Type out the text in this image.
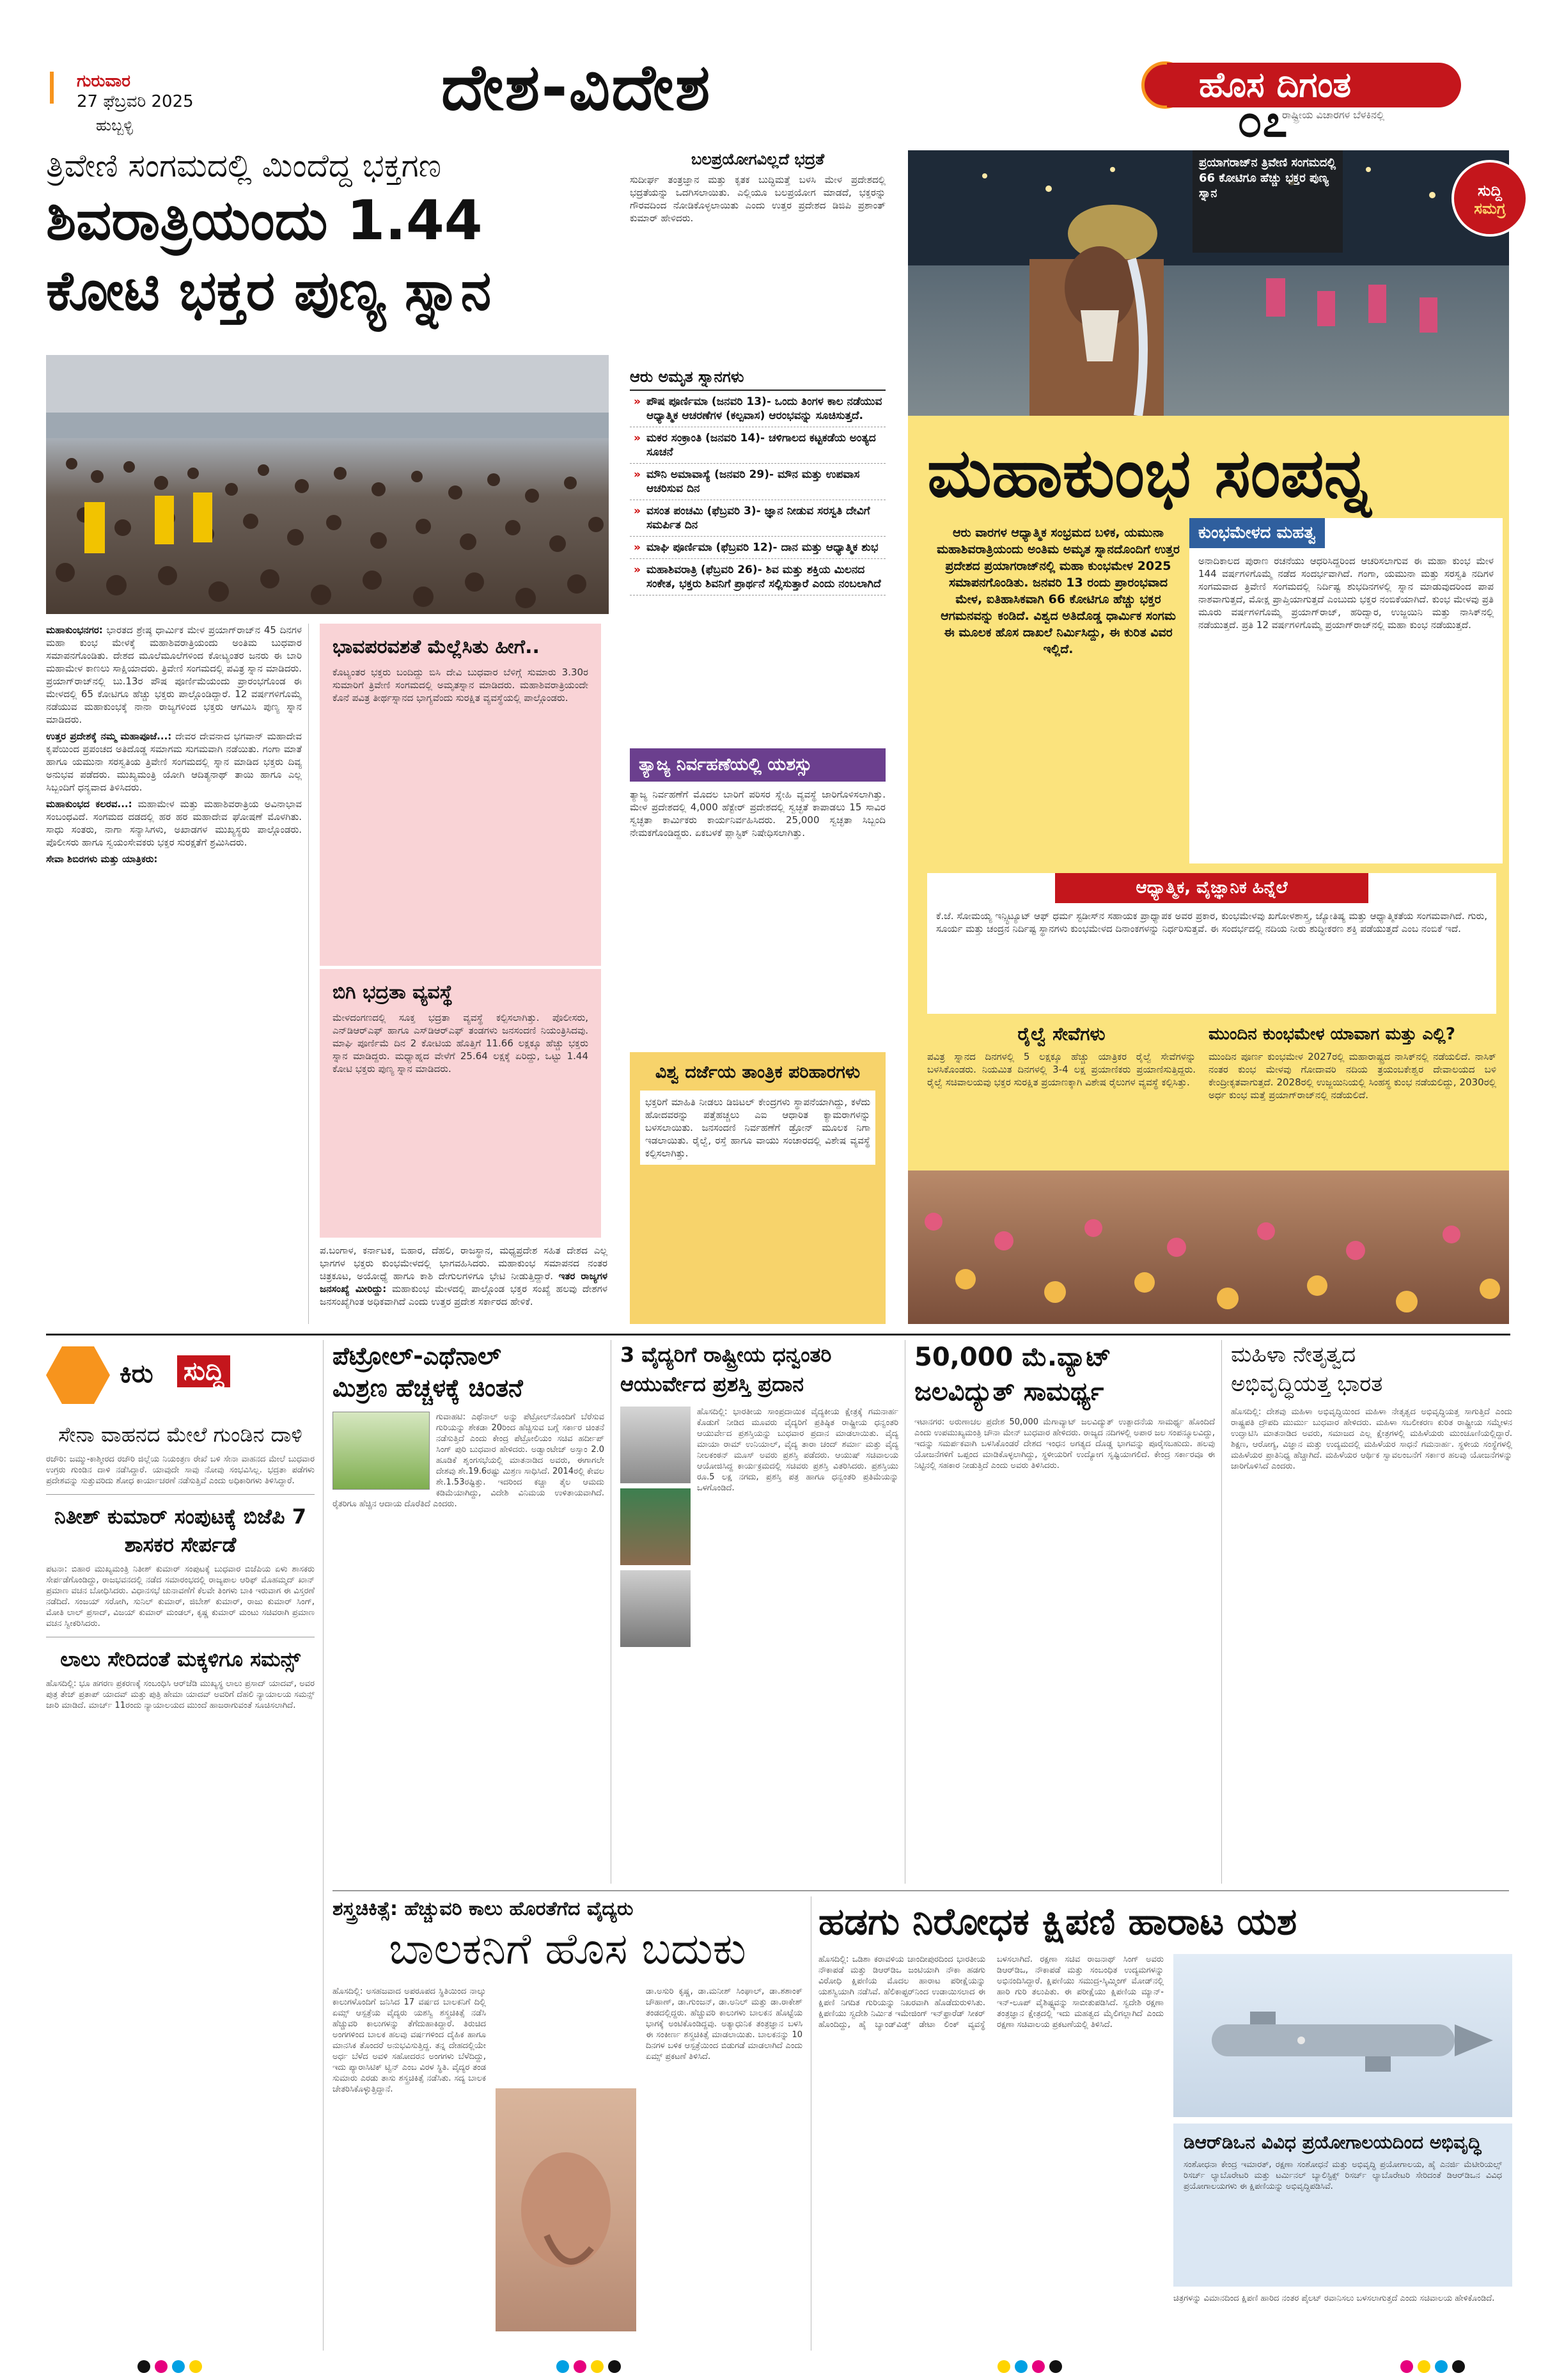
ಗುರುವಾರ
27 ಫೆಬ್ರವರಿ 2025
ಹುಬ್ಬಳ್ಳಿ
ದೇಶ-ವಿದೇಶ	ಹೊಸ ದಿಗಂತ
ರಾಷ್ಟ್ರೀಯ ವಿಚಾರಗಳ ಬೆಳಕಿನಲ್ಲಿ
೦೭
ತ್ರಿವೇಣಿ ಸಂಗಮದಲ್ಲಿ ಮಿಂದೆದ್ದ ಭಕ್ತಗಣ
ಶಿವರಾತ್ರಿಯಂದು 1.44
ಕೋಟಿ ಭಕ್ತರ ಪುಣ್ಯ ಸ್ನಾನ
ಮಹಾಕುಂಭನಗರ: ಭಾರತದ ಶ್ರೇಷ್ಠ ಧಾರ್ಮಿಕ ಮೇಳ ಪ್ರಯಾಗ್‌ರಾಜ್‌ನ 45 ದಿನಗಳ ಮಹಾ ಕುಂಭ ಮೇಳಕ್ಕೆ ಮಹಾಶಿವರಾತ್ರಿಯಂದು ಅಂತಿಮ ಬುಧವಾರ ಸಮಾಪನಗೊಂಡಿತು. ದೇಶದ ಮೂಲೆಮೂಲೆಗಳಿಂದ ಕೋಟ್ಯಂತರ ಜನರು ಈ ಬಾರಿ ಮಹಾಮೇಳ ಕಾಣಲು ಸಾಕ್ಷಿಯಾದರು. ತ್ರಿವೇಣಿ ಸಂಗಮದಲ್ಲಿ ಪವಿತ್ರ ಸ್ನಾನ ಮಾಡಿದರು. ಪ್ರಯಾಗ್‌ರಾಜ್‌ನಲ್ಲಿ ಬು.13ರ ಪೌಷ ಪೂರ್ಣಿಮೆಯಂದು ಪ್ರಾರಂಭಗೊಂಡ ಈ ಮೇಳದಲ್ಲಿ 65 ಕೋಟಿಗೂ ಹೆಚ್ಚು ಭಕ್ತರು ಪಾಲ್ಗೊಂಡಿದ್ದಾರೆ. 12 ವರ್ಷಗಳಿಗೊಮ್ಮೆ ನಡೆಯುವ ಮಹಾಕುಂಭಕ್ಕೆ ನಾನಾ ರಾಜ್ಯಗಳಿಂದ ಭಕ್ತರು ಆಗಮಿಸಿ ಪುಣ್ಯ ಸ್ನಾನ ಮಾಡಿದರು.

ಉತ್ತರ ಪ್ರದೇಶಕ್ಕೆ ನಮ್ಮ ಮಹಾಪೂಜೆ...: ದೇವರ ದೇವನಾದ ಭಗವಾನ್ ಮಹಾದೇವ ಕೃಪೆಯಿಂದ ಪ್ರಪಂಚದ ಅತಿದೊಡ್ಡ ಸಮಾಗಮ ಸುಗಮವಾಗಿ ನಡೆಯಿತು. ಗಂಗಾ ಮಾತೆ ಹಾಗೂ ಯಮುನಾ ಸರಸ್ವತಿಯ ತ್ರಿವೇಣಿ ಸಂಗಮದಲ್ಲಿ ಸ್ನಾನ ಮಾಡಿದ ಭಕ್ತರು ದಿವ್ಯ ಅನುಭವ ಪಡೆದರು. ಮುಖ್ಯಮಂತ್ರಿ ಯೋಗಿ ಆದಿತ್ಯನಾಥ್ ತಾಯಿ ಹಾಗೂ ಎಲ್ಲ ಸಿಬ್ಬಂದಿಗೆ ಧನ್ಯವಾದ ತಿಳಿಸಿದರು.

ಮಹಾಕುಂಭದ ಕಲರವ...: ಮಹಾಮೇಳ ಮತ್ತು ಮಹಾಶಿವರಾತ್ರಿಯ ಅವಿನಾಭಾವ ಸಂಬಂಧವಿದೆ. ಸಂಗಮದ ದಡದಲ್ಲಿ ಹರ ಹರ ಮಹಾದೇವ ಘೋಷಣೆ ಮೊಳಗಿತು. ಸಾಧು ಸಂತರು, ನಾಗಾ ಸನ್ಯಾಸಿಗಳು, ಅಖಾಡಗಳ ಮುಖ್ಯಸ್ಥರು ಪಾಲ್ಗೊಂಡರು. ಪೊಲೀಸರು ಹಾಗೂ ಸ್ವಯಂಸೇವಕರು ಭಕ್ತರ ಸುರಕ್ಷತೆಗೆ ಶ್ರಮಿಸಿದರು.

ಸೇವಾ ಶಿಬಿರಗಳು ಮತ್ತು ಯಾತ್ರಿಕರು:

ಭಾವಪರವಶತೆ ಮೆಲ್ಲೆಸಿತು ಹೀಗೆ..
ಕೊಟ್ಯಂತರ ಭಕ್ತರು ಬಂದಿದ್ದು ಬಿಸಿ ದೇವಿ ಬುಧವಾರ ಬೆಳಿಗ್ಗೆ ಸುಮಾರು 3.30ರ ಸುಮಾರಿಗೆ ತ್ರಿವೇಣಿ ಸಂಗಮದಲ್ಲಿ ಅಮೃತಸ್ನಾನ ಮಾಡಿದರು. ಮಹಾಶಿವರಾತ್ರಿಯಂದೇ ಕೊನೆ ಪವಿತ್ರ ತೀರ್ಥಸ್ನಾನದ ಭಾಗ್ಯವೆಂದು ಸುರಕ್ಷಿತ ವ್ಯವಸ್ಥೆಯಲ್ಲಿ ಪಾಲ್ಗೊಂಡರು.
ಬಿಗಿ ಭದ್ರತಾ ವ್ಯವಸ್ಥೆ
ಮೇಳದಂಗಣದಲ್ಲಿ ಸೂಕ್ತ ಭದ್ರತಾ ವ್ಯವಸ್ಥೆ ಕಲ್ಪಿಸಲಾಗಿತ್ತು. ಪೊಲೀಸರು, ಎನ್‌ಡಿಆರ್‌ಎಫ್ ಹಾಗೂ ಎಸ್‌ಡಿಆರ್‌ಎಫ್ ತಂಡಗಳು ಜನಸಂದಣಿ ನಿಯಂತ್ರಿಸಿದವು. ಮಾಘಿ ಪೂರ್ಣಿಮೆ ದಿನ 2 ಕೋಟಿಯ ಹೊತ್ತಿಗೆ 11.66 ಲಕ್ಷಕ್ಕೂ ಹೆಚ್ಚು ಭಕ್ತರು ಸ್ನಾನ ಮಾಡಿದ್ದರು. ಮಧ್ಯಾಹ್ನದ ವೇಳೆಗೆ 25.64 ಲಕ್ಷಕ್ಕೆ ಏರಿದ್ದು, ಒಟ್ಟು 1.44 ಕೋಟಿ ಭಕ್ತರು ಪುಣ್ಯ ಸ್ನಾನ ಮಾಡಿದರು.
ಪ.ಬಂಗಾಳ, ಕರ್ನಾಟಕ, ಬಿಹಾರ, ದೆಹಲಿ, ರಾಜಸ್ಥಾನ, ಮಧ್ಯಪ್ರದೇಶ ಸಹಿತ ದೇಶದ ಎಲ್ಲ ಭಾಗಗಳ ಭಕ್ತರು ಕುಂಭಮೇಳದಲ್ಲಿ ಭಾಗವಹಿಸಿದರು. ಮಹಾಕುಂಭ ಸಮಾಪನದ ನಂತರ ಚಿತ್ರಕೂಟ, ಅಯೋಧ್ಯೆ ಹಾಗೂ ಕಾಶಿ ದೇಗುಲಗಳಿಗೂ ಭೇಟಿ ನೀಡುತ್ತಿದ್ದಾರೆ. ಇತರ ರಾಜ್ಯಗಳ ಜನಸಂಖ್ಯೆ ಮೀರಿದ್ದು: ಮಹಾಕುಂಭ ಮೇಳದಲ್ಲಿ ಪಾಲ್ಗೊಂಡ ಭಕ್ತರ ಸಂಖ್ಯೆ ಹಲವು ದೇಶಗಳ ಜನಸಂಖ್ಯೆಗಿಂತ ಅಧಿಕವಾಗಿದೆ ಎಂದು ಉತ್ತರ ಪ್ರದೇಶ ಸರ್ಕಾರದ ಹೇಳಿಕೆ.
ಬಲಪ್ರಯೋಗವಿಲ್ಲದೆ ಭದ್ರತೆ
ಸುದೀರ್ಘ ತಂತ್ರಜ್ಞಾನ ಮತ್ತು ಕೃತಕ ಬುದ್ಧಿಮತ್ತೆ ಬಳಸಿ ಮೇಳ ಪ್ರದೇಶದಲ್ಲಿ ಭದ್ರತೆಯನ್ನು ಒದಗಿಸಲಾಯಿತು. ಎಲ್ಲಿಯೂ ಬಲಪ್ರಯೋಗ ಮಾಡದೆ, ಭಕ್ತರನ್ನು ಗೌರವದಿಂದ ನೋಡಿಕೊಳ್ಳಲಾಯಿತು ಎಂದು ಉತ್ತರ ಪ್ರದೇಶದ ಡಿಜಿಪಿ ಪ್ರಶಾಂತ್ ಕುಮಾರ್ ಹೇಳಿದರು.
ಆರು ಅಮೃತ ಸ್ನಾನಗಳು
» ಪೌಷ ಪೂರ್ಣಿಮಾ (ಜನವರಿ 13)- ಒಂದು ತಿಂಗಳ ಕಾಲ ನಡೆಯುವ ಆಧ್ಯಾತ್ಮಿಕ ಆಚರಣೆಗಳ (ಕಲ್ಪವಾಸ) ಆರಂಭವನ್ನು ಸೂಚಿಸುತ್ತದೆ.
» ಮಕರ ಸಂಕ್ರಾಂತಿ (ಜನವರಿ 14)- ಚಳಿಗಾಲದ ಕಟ್ಟಕಡೆಯ ಅಂತ್ಯದ ಸೂಚನೆ
» ಮೌನಿ ಅಮಾವಾಸ್ಯೆ (ಜನವರಿ 29)- ಮೌನ ಮತ್ತು ಉಪವಾಸ ಆಚರಿಸುವ ದಿನ
» ವಸಂತ ಪಂಚಮಿ (ಫೆಬ್ರವರಿ 3)- ಜ್ಞಾನ ನೀಡುವ ಸರಸ್ವತಿ ದೇವಿಗೆ ಸಮರ್ಪಿತ ದಿನ
» ಮಾಘಿ ಪೂರ್ಣಿಮಾ (ಫೆಬ್ರವರಿ 12)- ದಾನ ಮತ್ತು ಆಧ್ಯಾತ್ಮಿಕ ಶುಭ
» ಮಹಾಶಿವರಾತ್ರಿ (ಫೆಬ್ರವರಿ 26)- ಶಿವ ಮತ್ತು ಶಕ್ತಿಯ ಮಿಲನದ ಸಂಕೇತ, ಭಕ್ತರು ಶಿವನಿಗೆ ಪ್ರಾರ್ಥನೆ ಸಲ್ಲಿಸುತ್ತಾರೆ ಎಂದು ನಂಬಲಾಗಿದೆ
ತ್ಯಾಜ್ಯ ನಿರ್ವಹಣೆಯಲ್ಲಿ ಯಶಸ್ಸು
ತ್ಯಾಜ್ಯ ನಿರ್ವಹಣೆಗೆ ಮೊದಲ ಬಾರಿಗೆ ಪರಿಸರ ಸ್ನೇಹಿ ವ್ಯವಸ್ಥೆ ಜಾರಿಗೊಳಿಸಲಾಗಿತ್ತು. ಮೇಳ ಪ್ರದೇಶದಲ್ಲಿ 4,000 ಹೆಕ್ಟೇರ್ ಪ್ರದೇಶದಲ್ಲಿ ಸ್ವಚ್ಛತೆ ಕಾಪಾಡಲು 15 ಸಾವಿರ ಸ್ವಚ್ಛತಾ ಕಾರ್ಮಿಕರು ಕಾರ್ಯನಿರ್ವಹಿಸಿದರು. 25,000 ಸ್ವಚ್ಛತಾ ಸಿಬ್ಬಂದಿ ನೇಮಕಗೊಂಡಿದ್ದರು. ಏಕಬಳಕೆ ಪ್ಲಾಸ್ಟಿಕ್ ನಿಷೇಧಿಸಲಾಗಿತ್ತು.
ವಿಶ್ವ ದರ್ಜೆಯ ತಾಂತ್ರಿಕ ಪರಿಹಾರಗಳು
ಭಕ್ತರಿಗೆ ಮಾಹಿತಿ ನೀಡಲು ಡಿಜಿಟಲ್ ಕೇಂದ್ರಗಳು ಸ್ಥಾಪನೆಯಾಗಿದ್ದು, ಕಳೆದು ಹೋದವರನ್ನು ಪತ್ತೆಹಚ್ಚಲು ಎಐ ಆಧಾರಿತ ಕ್ಯಾಮರಾಗಳನ್ನು ಬಳಸಲಾಯಿತು. ಜನಸಂದಣಿ ನಿರ್ವಹಣೆಗೆ ಡ್ರೋನ್ ಮೂಲಕ ನಿಗಾ ಇಡಲಾಯಿತು. ರೈಲ್ವೆ, ರಸ್ತೆ ಹಾಗೂ ವಾಯು ಸಂಚಾರದಲ್ಲಿ ವಿಶೇಷ ವ್ಯವಸ್ಥೆ ಕಲ್ಪಿಸಲಾಗಿತ್ತು.
ಸುದ್ದಿ
ಸಮಗ್ರ
ಪ್ರಯಾಗರಾಜ್‌ನ ತ್ರಿವೇಣಿ ಸಂಗಮದಲ್ಲಿ 66 ಕೋಟಿಗೂ ಹೆಚ್ಚು ಭಕ್ತರ ಪುಣ್ಯ ಸ್ನಾನ
ಮಹಾಕುಂಭ ಸಂಪನ್ನ
ಆರು ವಾರಗಳ ಆಧ್ಯಾತ್ಮಿಕ ಸಂಭ್ರಮದ ಬಳಿಕ, ಯಮುನಾ ಮಹಾಶಿವರಾತ್ರಿಯಂದು ಅಂತಿಮ ಅಮೃತ ಸ್ನಾನದೊಂದಿಗೆ ಉತ್ತರ ಪ್ರದೇಶದ ಪ್ರಯಾಗರಾಜ್‌ನಲ್ಲಿ ಮಹಾ ಕುಂಭಮೇಳ 2025 ಸಮಾಪನಗೊಂಡಿತು. ಜನವರಿ 13 ರಂದು ಪ್ರಾರಂಭವಾದ ಮೇಳ, ಐತಿಹಾಸಿಕವಾಗಿ 66 ಕೋಟಿಗೂ ಹೆಚ್ಚು ಭಕ್ತರ ಆಗಮನವನ್ನು ಕಂಡಿದೆ. ವಿಶ್ವದ ಅತಿದೊಡ್ಡ ಧಾರ್ಮಿಕ ಸಂಗಮ ಈ ಮೂಲಕ ಹೊಸ ದಾಖಲೆ ನಿರ್ಮಿಸಿದ್ದು, ಈ ಕುರಿತ ವಿವರ ಇಲ್ಲಿದೆ.
ಕುಂಭಮೇಳದ ಮಹತ್ವ
ಅನಾದಿಕಾಲದ ಪುರಾಣ ರಚನೆಯು ಆಧರಿಸಿದ್ದರಿಂದ ಆಚರಿಸಲಾಗುವ ಈ ಮಹಾ ಕುಂಭ ಮೇಳ 144 ವರ್ಷಗಳಿಗೊಮ್ಮೆ ನಡೆದ ಸಂದರ್ಭವಾಗಿದೆ. ಗಂಗಾ, ಯಮುನಾ ಮತ್ತು ಸರಸ್ವತಿ ನದಿಗಳ ಸಂಗಮವಾದ ತ್ರಿವೇಣಿ ಸಂಗಮದಲ್ಲಿ ನಿರ್ದಿಷ್ಟ ಶುಭದಿನಗಳಲ್ಲಿ ಸ್ನಾನ ಮಾಡುವುದರಿಂದ ಪಾಪ ನಾಶವಾಗುತ್ತದೆ, ಮೋಕ್ಷ ಪ್ರಾಪ್ತಿಯಾಗುತ್ತದೆ ಎಂಬುದು ಭಕ್ತರ ನಂಬಿಕೆಯಾಗಿದೆ. ಕುಂಭ ಮೇಳವು ಪ್ರತಿ ಮೂರು ವರ್ಷಗಳಿಗೊಮ್ಮೆ ಪ್ರಯಾಗ್‌ರಾಜ್, ಹರಿದ್ವಾರ, ಉಜ್ಜಯಿನಿ ಮತ್ತು ನಾಸಿಕ್‌ನಲ್ಲಿ ನಡೆಯುತ್ತದೆ. ಪ್ರತಿ 12 ವರ್ಷಗಳಿಗೊಮ್ಮೆ ಪ್ರಯಾಗ್‌ರಾಜ್‌ನಲ್ಲಿ ಮಹಾ ಕುಂಭ ನಡೆಯುತ್ತದೆ.
ಆಧ್ಯಾತ್ಮಿಕ, ವೈಜ್ಞಾನಿಕ ಹಿನ್ನೆಲೆ
ಕೆ.ಜೆ. ಸೋಮಯ್ಯ ಇನ್ಸ್ಟಿಟ್ಯೂಟ್ ಆಫ್ ಧರ್ಮ ಸ್ಟಡೀಸ್‌ನ ಸಹಾಯಕ ಪ್ರಾಧ್ಯಾಪಕ ಅವರ ಪ್ರಕಾರ, ಕುಂಭಮೇಳವು ಖಗೋಳಶಾಸ್ತ್ರ, ಜ್ಯೋತಿಷ್ಯ ಮತ್ತು ಆಧ್ಯಾತ್ಮಿಕತೆಯ ಸಂಗಮವಾಗಿದೆ. ಗುರು, ಸೂರ್ಯ ಮತ್ತು ಚಂದ್ರನ ನಿರ್ದಿಷ್ಟ ಸ್ಥಾನಗಳು ಕುಂಭಮೇಳದ ದಿನಾಂಕಗಳನ್ನು ನಿರ್ಧರಿಸುತ್ತವೆ. ಈ ಸಂದರ್ಭದಲ್ಲಿ ನದಿಯ ನೀರು ಶುದ್ಧೀಕರಣ ಶಕ್ತಿ ಪಡೆಯುತ್ತದೆ ಎಂಬ ನಂಬಿಕೆ ಇದೆ.
ರೈಲ್ವೆ ಸೇವೆಗಳು
ಪವಿತ್ರ ಸ್ನಾನದ ದಿನಗಳಲ್ಲಿ 5 ಲಕ್ಷಕ್ಕೂ ಹೆಚ್ಚು ಯಾತ್ರಿಕರ ರೈಲ್ವೆ ಸೇವೆಗಳನ್ನು ಬಳಸಿಕೊಂಡರು. ನಿಯಮಿತ ದಿನಗಳಲ್ಲಿ 3-4 ಲಕ್ಷ ಪ್ರಯಾಣಿಕರು ಪ್ರಯಾಣಿಸುತ್ತಿದ್ದರು. ರೈಲ್ವೆ ಸಚಿವಾಲಯವು ಭಕ್ತರ ಸುರಕ್ಷಿತ ಪ್ರಯಾಣಕ್ಕಾಗಿ ವಿಶೇಷ ರೈಲುಗಳ ವ್ಯವಸ್ಥೆ ಕಲ್ಪಿಸಿತ್ತು.
ಮುಂದಿನ ಕುಂಭಮೇಳ ಯಾವಾಗ ಮತ್ತು ಎಲ್ಲಿ?
ಮುಂದಿನ ಪೂರ್ಣ ಕುಂಭಮೇಳ 2027ರಲ್ಲಿ ಮಹಾರಾಷ್ಟ್ರದ ನಾಸಿಕ್‌ನಲ್ಲಿ ನಡೆಯಲಿದೆ. ನಾಸಿಕ್ ನಂತರ ಕುಂಭ ಮೇಳವು ಗೋದಾವರಿ ನದಿಯ ತ್ರಯಂಬಕೇಶ್ವರ ದೇವಾಲಯದ ಬಳಿ ಕೇಂದ್ರೀಕೃತವಾಗುತ್ತದೆ. 2028ರಲ್ಲಿ ಉಜ್ಜಯಿನಿಯಲ್ಲಿ ಸಿಂಹಸ್ಥ ಕುಂಭ ನಡೆಯಲಿದ್ದು, 2030ರಲ್ಲಿ ಅರ್ಧ ಕುಂಭ ಮತ್ತೆ ಪ್ರಯಾಗ್‌ರಾಜ್‌ನಲ್ಲಿ ನಡೆಯಲಿದೆ.
ಕಿರು ಸುದ್ದಿ
ಸೇನಾ ವಾಹನದ ಮೇಲೆ ಗುಂಡಿನ ದಾಳಿ
ರಜೌರಿ: ಜಮ್ಮು-ಕಾಶ್ಮೀರದ ರಜೌರಿ ಜಿಲ್ಲೆಯ ನಿಯಂತ್ರಣ ರೇಖೆ ಬಳಿ ಸೇನಾ ವಾಹನದ ಮೇಲೆ ಬುಧವಾರ ಉಗ್ರರು ಗುಂಡಿನ ದಾಳಿ ನಡೆಸಿದ್ದಾರೆ. ಯಾವುದೇ ಸಾವು ನೋವು ಸಂಭವಿಸಿಲ್ಲ. ಭದ್ರತಾ ಪಡೆಗಳು ಪ್ರದೇಶವನ್ನು ಸುತ್ತುವರಿದು ಶೋಧ ಕಾರ್ಯಾಚರಣೆ ನಡೆಸುತ್ತಿವೆ ಎಂದು ಅಧಿಕಾರಿಗಳು ತಿಳಿಸಿದ್ದಾರೆ.
ನಿತೀಶ್ ಕುಮಾರ್ ಸಂಪುಟಕ್ಕೆ ಬಿಜೆಪಿ 7 ಶಾಸಕರ ಸೇರ್ಪಡೆ
ಪಟನಾ: ಬಿಹಾರ ಮುಖ್ಯಮಂತ್ರಿ ನಿತೀಶ್ ಕುಮಾರ್ ಸಂಪುಟಕ್ಕೆ ಬುಧವಾರ ಬಿಜೆಪಿಯ ಏಳು ಶಾಸಕರು ಸೇರ್ಪಡೆಗೊಂಡಿದ್ದು, ರಾಜಭವನದಲ್ಲಿ ನಡೆದ ಸಮಾರಂಭದಲ್ಲಿ ರಾಜ್ಯಪಾಲ ಆರಿಫ್ ಮೊಹಮ್ಮದ್ ಖಾನ್ ಪ್ರಮಾಣ ವಚನ ಬೋಧಿಸಿದರು. ವಿಧಾನಸಭೆ ಚುನಾವಣೆಗೆ ಕೆಲವೇ ತಿಂಗಳು ಬಾಕಿ ಇರುವಾಗ ಈ ವಿಸ್ತರಣೆ ನಡೆದಿದೆ. ಸಂಜಯ್ ಸರೋಗಿ, ಸುನಿಲ್ ಕುಮಾರ್, ಜಿಬೇಶ್ ಕುಮಾರ್, ರಾಜು ಕುಮಾರ್ ಸಿಂಗ್, ಮೋತಿ ಲಾಲ್ ಪ್ರಸಾದ್, ವಿಜಯ್ ಕುಮಾರ್ ಮಂಡಲ್, ಕೃಷ್ಣ ಕುಮಾರ್ ಮಂಟು ಸಚಿವರಾಗಿ ಪ್ರಮಾಣ ವಚನ ಸ್ವೀಕರಿಸಿದರು.
ಲಾಲು ಸೇರಿದಂತೆ ಮಕ್ಕಳಿಗೂ ಸಮನ್ಸ್
ಹೊಸದಿಲ್ಲಿ: ಭೂ ಹಗರಣ ಪ್ರಕರಣಕ್ಕೆ ಸಂಬಂಧಿಸಿ ಆರ್‌ಜೆಡಿ ಮುಖ್ಯಸ್ಥ ಲಾಲು ಪ್ರಸಾದ್ ಯಾದವ್, ಅವರ ಪುತ್ರ ತೇಜ್ ಪ್ರತಾಪ್ ಯಾದವ್ ಮತ್ತು ಪುತ್ರಿ ಹೇಮಾ ಯಾದವ್ ಅವರಿಗೆ ದೆಹಲಿ ನ್ಯಾಯಾಲಯ ಸಮನ್ಸ್ ಜಾರಿ ಮಾಡಿದೆ. ಮಾರ್ಚ್ 11ರಂದು ನ್ಯಾಯಾಲಯದ ಮುಂದೆ ಹಾಜರಾಗುವಂತೆ ಸೂಚಿಸಲಾಗಿದೆ.
ಪೆಟ್ರೋಲ್-ಎಥೆನಾಲ್
ಮಿಶ್ರಣ ಹೆಚ್ಚಳಕ್ಕೆ ಚಿಂತನೆ
ಗುವಾಹಟಿ: ಎಥೆನಾಲ್ ಅನ್ನು ಪೆಟ್ರೋಲ್‌ನೊಂದಿಗೆ ಬೆರೆಸುವ ಗುರಿಯನ್ನು ಶೇಕಡಾ 20ರಿಂದ ಹೆಚ್ಚಿಸುವ ಬಗ್ಗೆ ಸರ್ಕಾರ ಚಿಂತನೆ ನಡೆಸುತ್ತಿದೆ ಎಂದು ಕೇಂದ್ರ ಪೆಟ್ರೋಲಿಯಂ ಸಚಿವ ಹರ್ದೀಪ್ ಸಿಂಗ್ ಪುರಿ ಬುಧವಾರ ಹೇಳಿದರು. ಅಡ್ವಾಂಟೇಜ್ ಅಸ್ಸಾಂ 2.0 ಹೂಡಿಕೆ ಶೃಂಗಸಭೆಯಲ್ಲಿ ಮಾತನಾಡಿದ ಅವರು, ಈಗಾಗಲೇ ದೇಶವು ಶೇ.19.6ರಷ್ಟು ಮಿಶ್ರಣ ಸಾಧಿಸಿದೆ. 2014ರಲ್ಲಿ ಕೇವಲ ಶೇ.1.53ರಷ್ಟಿತ್ತು. ಇದರಿಂದ ಕಚ್ಚಾ ತೈಲ ಆಮದು ಕಡಿಮೆಯಾಗಿದ್ದು, ವಿದೇಶಿ ವಿನಿಮಯ ಉಳಿತಾಯವಾಗಿದೆ. ರೈತರಿಗೂ ಹೆಚ್ಚಿನ ಆದಾಯ ದೊರೆತಿದೆ ಎಂದರು.
3 ವೈದ್ಯರಿಗೆ ರಾಷ್ಟ್ರೀಯ ಧನ್ವಂತರಿ
ಆಯುರ್ವೇದ ಪ್ರಶಸ್ತಿ ಪ್ರದಾನ
ಹೊಸದಿಲ್ಲಿ: ಭಾರತೀಯ ಸಾಂಪ್ರದಾಯಿಕ ವೈದ್ಯಕೀಯ ಕ್ಷೇತ್ರಕ್ಕೆ ಗಮನಾರ್ಹ ಕೊಡುಗೆ ನೀಡಿದ ಮೂವರು ವೈದ್ಯರಿಗೆ ಪ್ರತಿಷ್ಠಿತ ರಾಷ್ಟ್ರೀಯ ಧನ್ವಂತರಿ ಆಯುರ್ವೇದ ಪ್ರಶಸ್ತಿಯನ್ನು ಬುಧವಾರ ಪ್ರದಾನ ಮಾಡಲಾಯಿತು. ವೈದ್ಯ ಮಾಯಾ ರಾಮ್ ಉನಿಯಾಲ್, ವೈದ್ಯ ತಾರಾ ಚಂದ್ ಶರ್ಮಾ ಮತ್ತು ವೈದ್ಯ ನೀಲಕಂಠನ್ ಮೂಸ್ ಅವರು ಪ್ರಶಸ್ತಿ ಪಡೆದರು. ಆಯುಷ್ ಸಚಿವಾಲಯ ಆಯೋಜಿಸಿದ್ದ ಕಾರ್ಯಕ್ರಮದಲ್ಲಿ ಸಚಿವರು ಪ್ರಶಸ್ತಿ ವಿತರಿಸಿದರು. ಪ್ರಶಸ್ತಿಯು ರೂ.5 ಲಕ್ಷ ನಗದು, ಪ್ರಶಸ್ತಿ ಪತ್ರ ಹಾಗೂ ಧನ್ವಂತರಿ ಪ್ರತಿಮೆಯನ್ನು ಒಳಗೊಂಡಿದೆ.
50,000 ಮೆ.ವ್ಯಾಟ್
ಜಲವಿದ್ಯುತ್ ಸಾಮರ್ಥ್ಯ
ಇಟಾನಗರ: ಅರುಣಾಚಲ ಪ್ರದೇಶ 50,000 ಮೆಗಾವ್ಯಾಟ್ ಜಲವಿದ್ಯುತ್ ಉತ್ಪಾದನೆಯ ಸಾಮರ್ಥ್ಯ ಹೊಂದಿದೆ ಎಂದು ಉಪಮುಖ್ಯಮಂತ್ರಿ ಚೌನಾ ಮೇನ್ ಬುಧವಾರ ಹೇಳಿದರು. ರಾಜ್ಯದ ನದಿಗಳಲ್ಲಿ ಅಪಾರ ಜಲ ಸಂಪನ್ಮೂಲವಿದ್ದು, ಇದನ್ನು ಸಮರ್ಪಕವಾಗಿ ಬಳಸಿಕೊಂಡರೆ ದೇಶದ ಇಂಧನ ಅಗತ್ಯದ ದೊಡ್ಡ ಭಾಗವನ್ನು ಪೂರೈಸಬಹುದು. ಹಲವು ಯೋಜನೆಗಳಿಗೆ ಒಪ್ಪಂದ ಮಾಡಿಕೊಳ್ಳಲಾಗಿದ್ದು, ಸ್ಥಳೀಯರಿಗೆ ಉದ್ಯೋಗ ಸೃಷ್ಟಿಯಾಗಲಿದೆ. ಕೇಂದ್ರ ಸರ್ಕಾರವೂ ಈ ನಿಟ್ಟಿನಲ್ಲಿ ಸಹಕಾರ ನೀಡುತ್ತಿದೆ ಎಂದು ಅವರು ತಿಳಿಸಿದರು.
ಮಹಿಳಾ ನೇತೃತ್ವದ
ಅಭಿವೃದ್ಧಿಯತ್ತ ಭಾರತ
ಹೊಸದಿಲ್ಲಿ: ದೇಶವು ಮಹಿಳಾ ಅಭಿವೃದ್ಧಿಯಿಂದ ಮಹಿಳಾ ನೇತೃತ್ವದ ಅಭಿವೃದ್ಧಿಯತ್ತ ಸಾಗುತ್ತಿದೆ ಎಂದು ರಾಷ್ಟ್ರಪತಿ ದ್ರೌಪದಿ ಮುರ್ಮು ಬುಧವಾರ ಹೇಳಿದರು. ಮಹಿಳಾ ಸಬಲೀಕರಣ ಕುರಿತ ರಾಷ್ಟ್ರೀಯ ಸಮ್ಮೇಳನ ಉದ್ಘಾಟಿಸಿ ಮಾತನಾಡಿದ ಅವರು, ಸಮಾಜದ ಎಲ್ಲ ಕ್ಷೇತ್ರಗಳಲ್ಲಿ ಮಹಿಳೆಯರು ಮುಂಚೂಣಿಯಲ್ಲಿದ್ದಾರೆ. ಶಿಕ್ಷಣ, ಆರೋಗ್ಯ, ವಿಜ್ಞಾನ ಮತ್ತು ಉದ್ಯಮದಲ್ಲಿ ಮಹಿಳೆಯರ ಸಾಧನೆ ಗಮನಾರ್ಹ. ಸ್ಥಳೀಯ ಸಂಸ್ಥೆಗಳಲ್ಲಿ ಮಹಿಳೆಯರ ಪ್ರಾತಿನಿಧ್ಯ ಹೆಚ್ಚಾಗಿದೆ. ಮಹಿಳೆಯರ ಆರ್ಥಿಕ ಸ್ವಾವಲಂಬನೆಗೆ ಸರ್ಕಾರ ಹಲವು ಯೋಜನೆಗಳನ್ನು ಜಾರಿಗೊಳಿಸಿದೆ ಎಂದರು.
ಶಸ್ತ್ರಚಿಕಿತ್ಸೆ: ಹೆಚ್ಚುವರಿ ಕಾಲು ಹೊರತೆಗೆದ ವೈದ್ಯರು
ಬಾಲಕನಿಗೆ ಹೊಸ ಬದುಕು
ಹೊಸದಿಲ್ಲಿ: ಅಸಹಜವಾದ ಅಪರೂಪದ ಸ್ಥಿತಿಯಿಂದ ನಾಲ್ಕು ಕಾಲುಗಳೊಂದಿಗೆ ಜನಿಸಿದ 17 ವರ್ಷದ ಬಾಲಕನಿಗೆ ದಿಲ್ಲಿ ಏಮ್ಸ್ ಆಸ್ಪತ್ರೆಯ ವೈದ್ಯರು ಯಶಸ್ವಿ ಶಸ್ತ್ರಚಿಕಿತ್ಸೆ ನಡೆಸಿ ಹೆಚ್ಚುವರಿ ಕಾಲುಗಳನ್ನು ತೆಗೆದುಹಾಕಿದ್ದಾರೆ. ತಿರುಚಿದ ಅಂಗಗಳಿಂದ ಬಾಲಕ ಹಲವು ವರ್ಷಗಳಿಂದ ದೈಹಿಕ ಹಾಗೂ ಮಾನಸಿಕ ತೊಂದರೆ ಅನುಭವಿಸುತ್ತಿದ್ದ. ತನ್ನ ದೇಹದಲ್ಲಿಯೇ ಅರ್ಧ ಬೆಳೆದ ಅವಳಿ ಸಹೋದರನ ಅಂಗಗಳು ಬೆಳೆದಿದ್ದು, ಇದು ಪ್ಯಾರಾಸಿಟಿಕ್ ಟ್ವಿನ್ ಎಂಬ ವಿರಳ ಸ್ಥಿತಿ. ವೈದ್ಯರ ತಂಡ ಸುಮಾರು ಎರಡು ತಾಸು ಶಸ್ತ್ರಚಿಕಿತ್ಸೆ ನಡೆಸಿತು. ಸದ್ಯ ಬಾಲಕ ಚೇತರಿಸಿಕೊಳ್ಳುತ್ತಿದ್ದಾನೆ.
ಡಾ.ಅಸುರಿ ಕೃಷ್ಣ, ಡಾ.ಮನೀಶ್ ಸಿಂಘಾಲ್, ಡಾ.ಶಶಾಂಕ್ ಚೌಹಾಣ್, ಡಾ.ಗುಂಜನ್, ಡಾ.ಅನಿಲ್ ಮತ್ತು ಡಾ.ರಾಕೇಶ್ ತಂಡದಲ್ಲಿದ್ದರು. ಹೆಚ್ಚುವರಿ ಕಾಲುಗಳು ಬಾಲಕನ ಹೊಟ್ಟೆಯ ಭಾಗಕ್ಕೆ ಅಂಟಿಕೊಂಡಿದ್ದವು. ಅತ್ಯಾಧುನಿಕ ತಂತ್ರಜ್ಞಾನ ಬಳಸಿ ಈ ಸಂಕೀರ್ಣ ಶಸ್ತ್ರಚಿಕಿತ್ಸೆ ಮಾಡಲಾಯಿತು. ಬಾಲಕನನ್ನು 10 ದಿನಗಳ ಬಳಿಕ ಆಸ್ಪತ್ರೆಯಿಂದ ಬಿಡುಗಡೆ ಮಾಡಲಾಗಿದೆ ಎಂದು ಏಮ್ಸ್ ಪ್ರಕಟಣೆ ತಿಳಿಸಿದೆ.
ಹಡಗು ನಿರೋಧಕ ಕ್ಷಿಪಣಿ ಹಾರಾಟ ಯಶ
ಹೊಸದಿಲ್ಲಿ: ಒಡಿಶಾ ಕರಾವಳಿಯ ಚಾಂದೀಪುರದಿಂದ ಭಾರತೀಯ ನೌಕಾಪಡೆ ಮತ್ತು ಡಿಆರ್‌ಡಿಒ ಜಂಟಿಯಾಗಿ ನೌಕಾ ಹಡಗು ವಿರೋಧಿ ಕ್ಷಿಪಣಿಯ ಮೊದಲ ಹಾರಾಟ ಪರೀಕ್ಷೆಯನ್ನು ಯಶಸ್ವಿಯಾಗಿ ನಡೆಸಿವೆ. ಹೆಲಿಕಾಪ್ಟರ್‌ನಿಂದ ಉಡಾಯಿಸಲಾದ ಈ ಕ್ಷಿಪಣಿ ನಿಗದಿತ ಗುರಿಯನ್ನು ನಿಖರವಾಗಿ ಹೊಡೆದುರುಳಿಸಿತು. ಕ್ಷಿಪಣಿಯು ಸ್ವದೇಶಿ ನಿರ್ಮಿತ ಇಮೇಜಿಂಗ್ ಇನ್‌ಫ್ರಾರೆಡ್ ಸೀಕರ್ ಹೊಂದಿದ್ದು, ಹೈ ಬ್ಯಾಂಡ್‌ವಿಡ್ತ್ ಡೇಟಾ ಲಿಂಕ್ ವ್ಯವಸ್ಥೆ ಬಳಸಲಾಗಿದೆ. ರಕ್ಷಣಾ ಸಚಿವ ರಾಜನಾಥ್ ಸಿಂಗ್ ಅವರು ಡಿಆರ್‌ಡಿಒ, ನೌಕಾಪಡೆ ಮತ್ತು ಸಂಬಂಧಿತ ಉದ್ಯಮಗಳನ್ನು ಅಭಿನಂದಿಸಿದ್ದಾರೆ. ಕ್ಷಿಪಣಿಯು ಸಮುದ್ರ-ಸ್ಕಿಮ್ಮಿಂಗ್ ಮೋಡ್‌ನಲ್ಲಿ ಹಾರಿ ಗುರಿ ತಲುಪಿತು. ಈ ಪರೀಕ್ಷೆಯು ಕ್ಷಿಪಣಿಯ ಮ್ಯಾನ್-ಇನ್-ಲೂಪ್ ವೈಶಿಷ್ಟ್ಯವನ್ನು ಸಾಬೀತುಪಡಿಸಿದೆ. ಸ್ವದೇಶಿ ರಕ್ಷಣಾ ತಂತ್ರಜ್ಞಾನ ಕ್ಷೇತ್ರದಲ್ಲಿ ಇದು ಮಹತ್ವದ ಮೈಲಿಗಲ್ಲಾಗಿದೆ ಎಂದು ರಕ್ಷಣಾ ಸಚಿವಾಲಯ ಪ್ರಕಟಣೆಯಲ್ಲಿ ತಿಳಿಸಿದೆ.
ಡಿಆರ್‌ಡಿಒನ ವಿವಿಧ ಪ್ರಯೋಗಾಲಯದಿಂದ ಅಭಿವೃದ್ಧಿ
ಸಂಶೋಧನಾ ಕೇಂದ್ರ ಇಮಾರತ್, ರಕ್ಷಣಾ ಸಂಶೋಧನೆ ಮತ್ತು ಅಭಿವೃದ್ಧಿ ಪ್ರಯೋಗಾಲಯ, ಹೈ ಎನರ್ಜಿ ಮೆಟೀರಿಯಲ್ಸ್ ರಿಸರ್ಚ್ ಲ್ಯಾಬೊರೇಟರಿ ಮತ್ತು ಟರ್ಮಿನಲ್ ಬ್ಯಾಲಿಸ್ಟಿಕ್ಸ್ ರಿಸರ್ಚ್ ಲ್ಯಾಬೊರೇಟರಿ ಸೇರಿದಂತೆ ಡಿಆರ್‌ಡಿಒನ ವಿವಿಧ ಪ್ರಯೋಗಾಲಯಗಳು ಈ ಕ್ಷಿಪಣಿಯನ್ನು ಅಭಿವೃದ್ಧಿಪಡಿಸಿವೆ.
ಚಿತ್ರಗಳನ್ನು ವಿಮಾನದಿಂದ ಕ್ಷಿಪಣಿ ಹಾರಿದ ನಂತರ ಪೈಲಟ್ ರವಾನಿಸಲು ಬಳಸಲಾಗುತ್ತದೆ ಎಂದು ಸಚಿವಾಲಯ ಹೇಳಿಕೊಂಡಿದೆ.
